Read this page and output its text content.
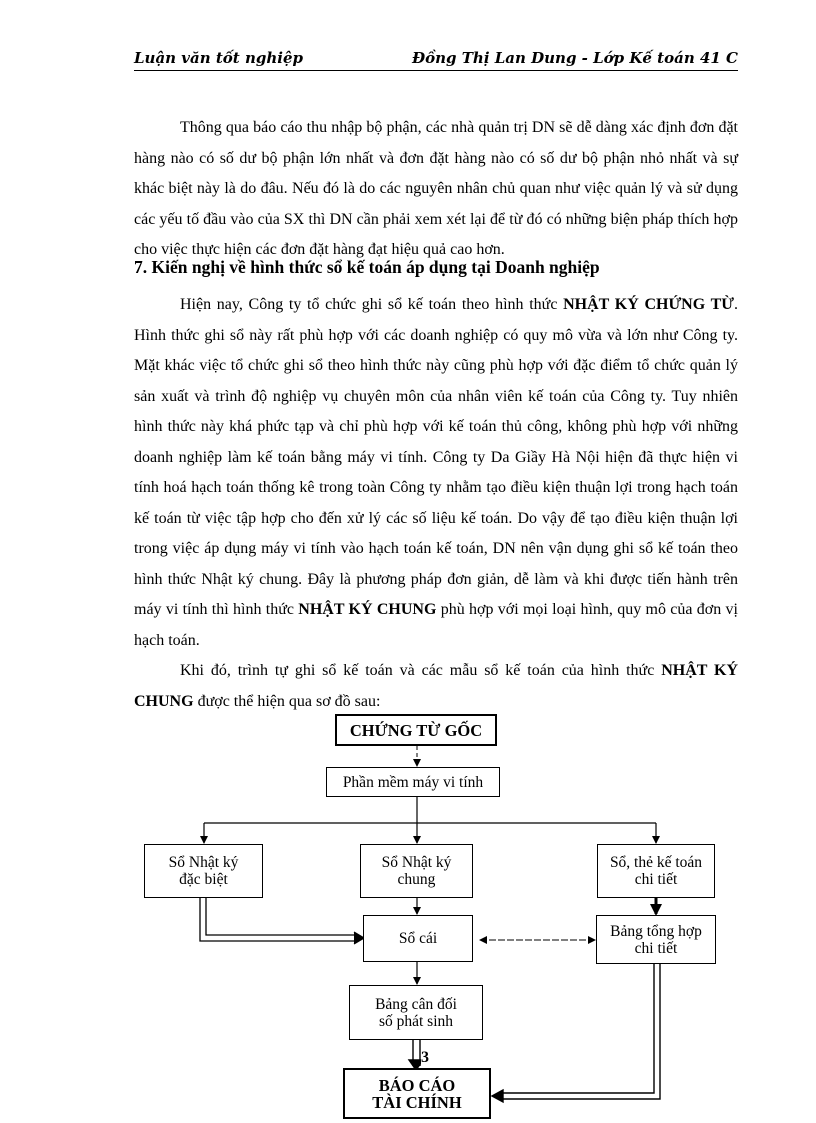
Luận văn tốt nghiệp	Đồng Thị Lan Dung - Lớp Kế toán 41 C

Thông qua báo cáo thu nhập bộ phận, các nhà quản trị DN sẽ dễ dàng xác định đơn đặt hàng nào có số dư bộ phận lớn nhất và đơn đặt hàng nào có số dư bộ phận nhỏ nhất và sự khác biệt này là do đâu. Nếu đó là do các nguyên nhân chủ quan như việc quản lý và sử dụng các yếu tố đầu vào của SX thì DN cần phải xem xét lại để từ đó có những biện pháp thích hợp cho việc thực hiện các đơn đặt hàng đạt hiệu quả cao hơn.

7. Kiến nghị về hình thức sổ kế toán áp dụng tại Doanh nghiệp

Hiện nay, Công ty tổ chức ghi sổ kế toán theo hình thức NHẬT KÝ CHỨNG TỪ. Hình thức ghi sổ này rất phù hợp với các doanh nghiệp có quy mô vừa và lớn như Công ty. Mặt khác việc tổ chức ghi sổ theo hình thức này cũng phù hợp với đặc điểm tổ chức quản lý sản xuất và trình độ nghiệp vụ chuyên môn của nhân viên kế toán của Công ty. Tuy nhiên hình thức này khá phức tạp và chỉ phù hợp với kế toán thủ công, không phù hợp với những doanh nghiệp làm kế toán bằng máy vi tính. Công ty Da Giầy Hà Nội hiện đã thực hiện vi tính hoá hạch toán thống kê trong toàn Công ty nhằm tạo điều kiện thuận lợi trong hạch toán kế toán từ việc tập hợp cho đến xử lý các số liệu kế toán. Do vậy để tạo điều kiện thuận lợi trong việc áp dụng máy vi tính vào hạch toán kế toán, DN nên vận dụng ghi sổ kế toán theo hình thức Nhật ký chung. Đây là phương pháp đơn giản, dễ làm và khi được tiến hành trên máy vi tính thì hình thức NHẬT KÝ CHUNG phù hợp với mọi loại hình, quy mô của đơn vị hạch toán.

Khi đó, trình tự ghi sổ kế toán và các mẫu sổ kế toán của hình thức NHẬT KÝ CHUNG được thể hiện qua sơ đồ sau:

CHỨNG TỪ GỐC
Phần mềm máy vi tính
Sổ Nhật ký
đặc biệt
Sổ Nhật ký
chung
Sổ, thẻ kế toán
chi tiết
Sổ cái	Bảng tổng hợp
chi tiết
Bảng cân đối
số phát sinh
BÁO CÁO
TÀI CHÍNH
3
